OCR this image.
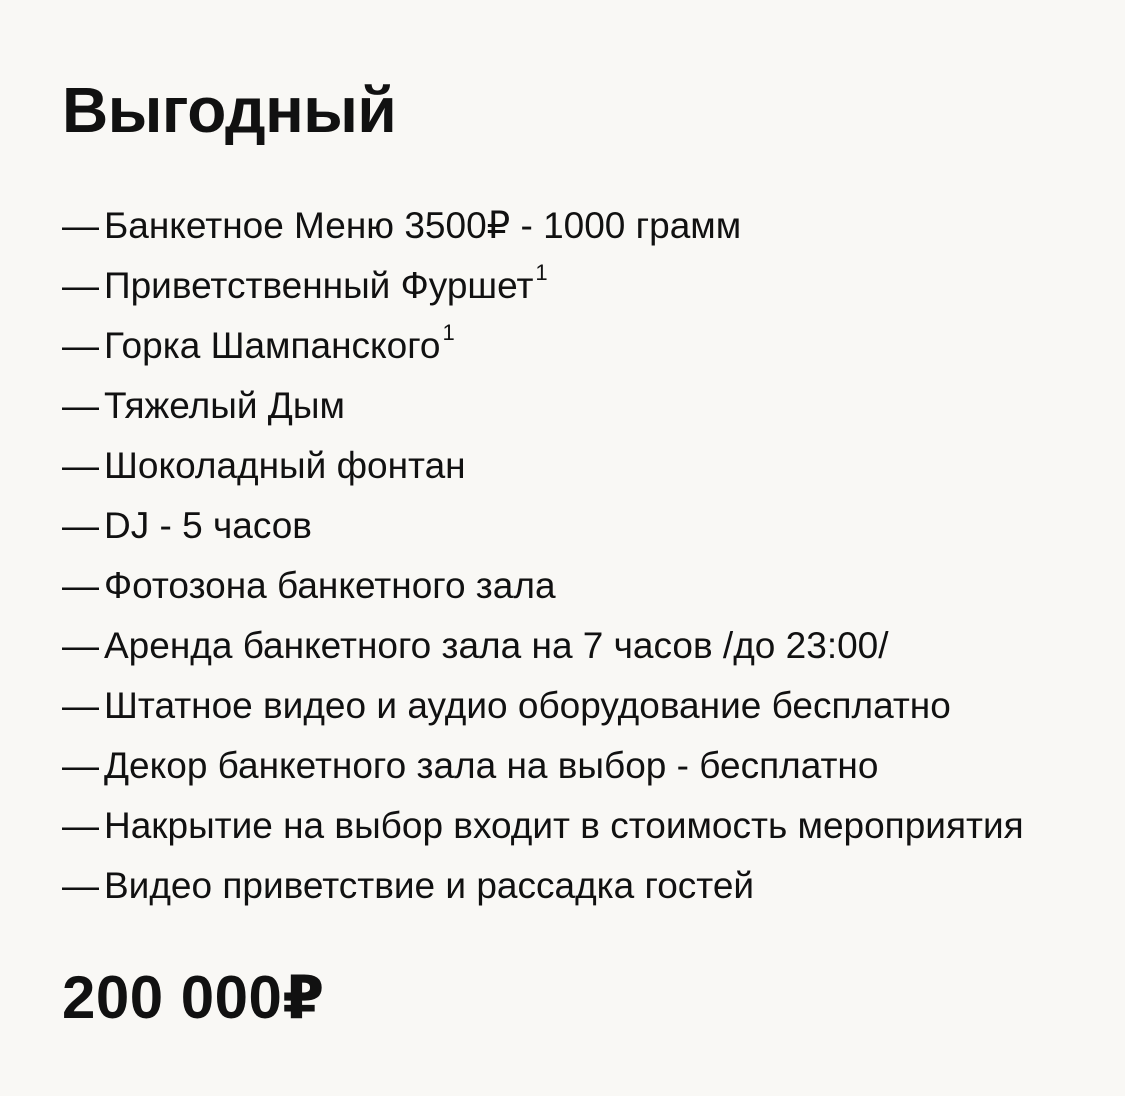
Выгодный
— Банкетное Меню 3500₽ - 1000 грамм
— Приветственный Фуршет$^1$
— Горка Шампанского$^1$
— Тяжелый Дым
— Шоколадный фонтан
— DJ - 5 часов
— Фотозона банкетного зала
— Аренда банкетного зала на 7 часов /до 23:00/
— Штатное видео и аудио оборудование бесплатно
— Декор банкетного зала на выбор - бесплатно
— Накрытие на выбор входит в стоимость мероприятия
— Видео приветствие и рассадка гостей
200 000₽
